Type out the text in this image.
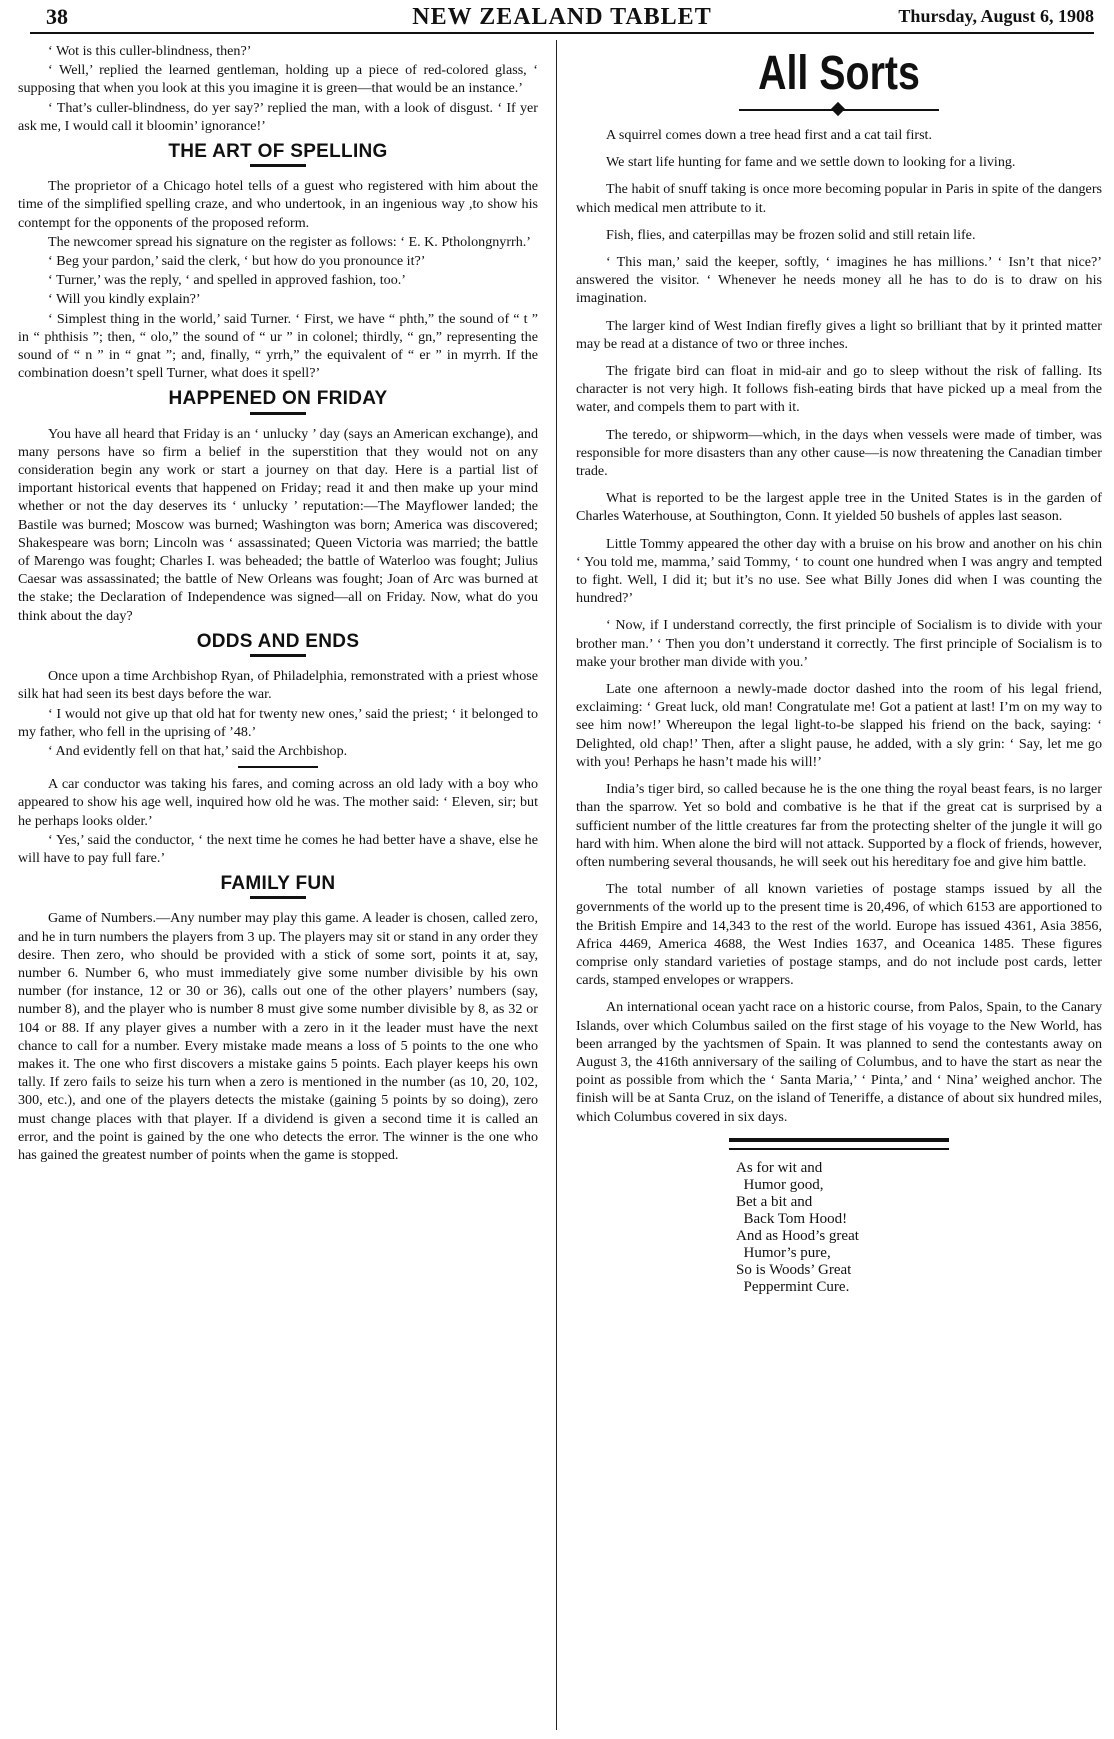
38	NEW ZEALAND TABLET	Thursday, August 6, 1908

‘ Wot is this culler-blindness, then?’

‘ Well,’ replied the learned gentleman, holding up a piece of red-colored glass, ‘ supposing that when you look at this you imagine it is green—that would be an instance.’

‘ That’s culler-blindness, do yer say?’ replied the man, with a look of disgust. ‘ If yer ask me, I would call it bloomin’ ignorance!’

THE ART OF SPELLING

The proprietor of a Chicago hotel tells of a guest who registered with him about the time of the simplified spelling craze, and who undertook, in an ingenious way ,to show his contempt for the opponents of the proposed reform.

The newcomer spread his signature on the register as follows: ‘ E. K. Ptholongnyrrh.’

‘ Beg your pardon,’ said the clerk, ‘ but how do you pronounce it?’

‘ Turner,’ was the reply, ‘ and spelled in approved fashion, too.’

‘ Will you kindly explain?’

‘ Simplest thing in the world,’ said Turner. ‘ First, we have “ phth,” the sound of “ t ” in “ phthisis ”; then, “ olo,” the sound of “ ur ” in colonel; thirdly, “ gn,” representing the sound of “ n ” in “ gnat ”; and, finally, “ yrrh,” the equivalent of “ er ” in myrrh. If the combination doesn’t spell Turner, what does it spell?’

HAPPENED ON FRIDAY

You have all heard that Friday is an ‘ unlucky ’ day (says an American exchange), and many persons have so firm a belief in the superstition that they would not on any consideration begin any work or start a journey on that day. Here is a partial list of important historical events that happened on Friday; read it and then make up your mind whether or not the day deserves its ‘ unlucky ’ reputation:—The Mayflower landed; the Bastile was burned; Moscow was burned; Washington was born; America was discovered; Shakespeare was born; Lincoln was ‘ assassinated; Queen Victoria was married; the battle of Marengo was fought; Charles I. was beheaded; the battle of Waterloo was fought; Julius Caesar was assassinated; the battle of New Orleans was fought; Joan of Arc was burned at the stake; the Declaration of Independence was signed—all on Friday. Now, what do you think about the day?

ODDS AND ENDS

Once upon a time Archbishop Ryan, of Philadelphia, remonstrated with a priest whose silk hat had seen its best days before the war.

‘ I would not give up that old hat for twenty new ones,’ said the priest; ‘ it belonged to my father, who fell in the uprising of ’48.’

‘ And evidently fell on that hat,’ said the Archbishop.

A car conductor was taking his fares, and coming across an old lady with a boy who appeared to show his age well, inquired how old he was. The mother said: ‘ Eleven, sir; but he perhaps looks older.’

‘ Yes,’ said the conductor, ‘ the next time he comes he had better have a shave, else he will have to pay full fare.’

FAMILY FUN

Game of Numbers.—Any number may play this game. A leader is chosen, called zero, and he in turn numbers the players from 3 up. The players may sit or stand in any order they desire. Then zero, who should be provided with a stick of some sort, points it at, say, number 6. Number 6, who must immediately give some number divisible by his own number (for instance, 12 or 30 or 36), calls out one of the other players’ numbers (say, number 8), and the player who is number 8 must give some number divisible by 8, as 32 or 104 or 88. If any player gives a number with a zero in it the leader must have the next chance to call for a number. Every mistake made means a loss of 5 points to the one who makes it. The one who first discovers a mistake gains 5 points. Each player keeps his own tally. If zero fails to seize his turn when a zero is mentioned in the number (as 10, 20, 102, 300, etc.), and one of the players detects the mistake (gaining 5 points by so doing), zero must change places with that player. If a dividend is given a second time it is called an error, and the point is gained by the one who detects the error. The winner is the one who has gained the greatest number of points when the game is stopped.

All Sorts

A squirrel comes down a tree head first and a cat tail first.

We start life hunting for fame and we settle down to looking for a living.

The habit of snuff taking is once more becoming popular in Paris in spite of the dangers which medical men attribute to it.

Fish, flies, and caterpillas may be frozen solid and still retain life.

‘ This man,’ said the keeper, softly, ‘ imagines he has millions.’ ‘ Isn’t that nice?’ answered the visitor. ‘ Whenever he needs money all he has to do is to draw on his imagination.

The larger kind of West Indian firefly gives a light so brilliant that by it printed matter may be read at a distance of two or three inches.

The frigate bird can float in mid-air and go to sleep without the risk of falling. Its character is not very high. It follows fish-eating birds that have picked up a meal from the water, and compels them to part with it.

The teredo, or shipworm—which, in the days when vessels were made of timber, was responsible for more disasters than any other cause—is now threatening the Canadian timber trade.

What is reported to be the largest apple tree in the United States is in the garden of Charles Waterhouse, at Southington, Conn. It yielded 50 bushels of apples last season.

Little Tommy appeared the other day with a bruise on his brow and another on his chin ‘ You told me, mamma,’ said Tommy, ‘ to count one hundred when I was angry and tempted to fight. Well, I did it; but it’s no use. See what Billy Jones did when I was counting the hundred?’

‘ Now, if I understand correctly, the first principle of Socialism is to divide with your brother man.’ ‘ Then you don’t understand it correctly. The first principle of Socialism is to make your brother man divide with you.’

Late one afternoon a newly-made doctor dashed into the room of his legal friend, exclaiming: ‘ Great luck, old man! Congratulate me! Got a patient at last! I’m on my way to see him now!’ Whereupon the legal light-to-be slapped his friend on the back, saying: ‘ Delighted, old chap!’ Then, after a slight pause, he added, with a sly grin: ‘ Say, let me go with you! Perhaps he hasn’t made his will!’

India’s tiger bird, so called because he is the one thing the royal beast fears, is no larger than the sparrow. Yet so bold and combative is he that if the great cat is surprised by a sufficient number of the little creatures far from the protecting shelter of the jungle it will go hard with him. When alone the bird will not attack. Supported by a flock of friends, however, often numbering several thousands, he will seek out his hereditary foe and give him battle.

The total number of all known varieties of postage stamps issued by all the governments of the world up to the present time is 20,496, of which 6153 are apportioned to the British Empire and 14,343 to the rest of the world. Europe has issued 4361, Asia 3856, Africa 4469, America 4688, the West Indies 1637, and Oceanica 1485. These figures comprise only standard varieties of postage stamps, and do not include post cards, letter cards, stamped envelopes or wrappers.

An international ocean yacht race on a historic course, from Palos, Spain, to the Canary Islands, over which Columbus sailed on the first stage of his voyage to the New World, has been arranged by the yachtsmen of Spain. It was planned to send the contestants away on August 3, the 416th anniversary of the sailing of Columbus, and to have the start as near the point as possible from which the ‘ Santa Maria,’ ‘ Pinta,’ and ‘ Nina’ weighed anchor. The finish will be at Santa Cruz, on the island of Teneriffe, a distance of about six hundred miles, which Columbus covered in six days.

As for wit and
Humor good,
Bet a bit and
Back Tom Hood!
And as Hood’s great
Humor’s pure,
So is Woods’ Great
Peppermint Cure.
